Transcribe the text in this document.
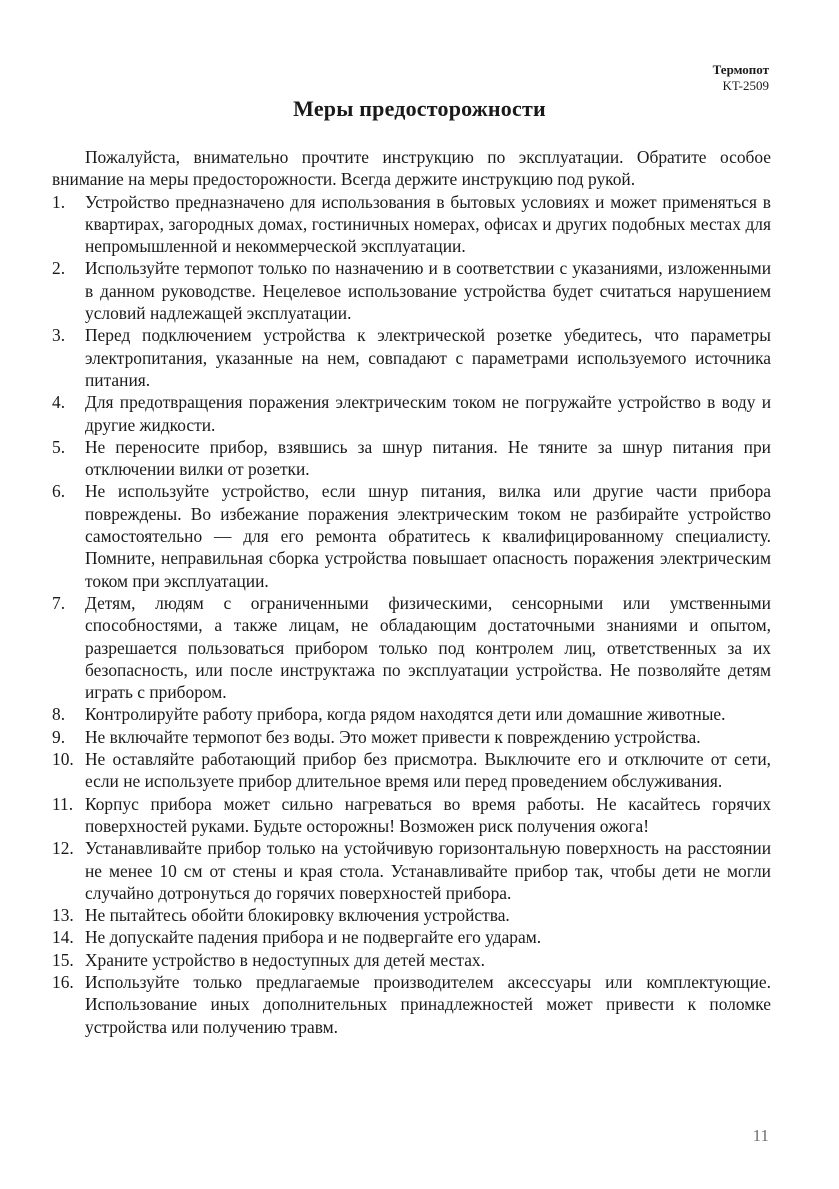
Термопот
KT-2509
Меры предосторожности

Пожалуйста, внимательно прочтите инструкцию по эксплуатации. Обратите особое внимание на меры предосторожности. Всегда держите инструкцию под рукой.

1. Устройство предназначено для использования в бытовых условиях и может применяться в квартирах, загородных домах, гостиничных номерах, офисах и других подобных местах для непромышленной и некоммерческой эксплуатации.
2. Используйте термопот только по назначению и в соответствии с указаниями, изложенными в данном руководстве. Нецелевое использование устройства будет считаться нарушением условий надлежащей эксплуатации.
3. Перед подключением устройства к электрической розетке убедитесь, что параметры электропитания, указанные на нем, совпадают с параметрами используемого источника питания.
4. Для предотвращения поражения электрическим током не погружайте устройство в воду и другие жидкости.
5. Не переносите прибор, взявшись за шнур питания. Не тяните за шнур питания при отключении вилки от розетки.
6. Не используйте устройство, если шнур питания, вилка или другие части прибора повреждены. Во избежание поражения электрическим током не разбирайте устройство самостоятельно — для его ремонта обратитесь к квалифицированному специалисту. Помните, неправильная сборка устройства повышает опасность поражения электрическим током при эксплуатации.
7. Детям, людям с ограниченными физическими, сенсорными или умственными способностями, а также лицам, не обладающим достаточными знаниями и опытом, разрешается пользоваться прибором только под контролем лиц, ответственных за их безопасность, или после инструктажа по эксплуатации устройства. Не позволяйте детям играть с прибором.
8. Контролируйте работу прибора, когда рядом находятся дети или домашние животные.
9. Не включайте термопот без воды. Это может привести к повреждению устройства.
10. Не оставляйте работающий прибор без присмотра. Выключите его и отключите от сети, если не используете прибор длительное время или перед проведением обслуживания.
11. Корпус прибора может сильно нагреваться во время работы. Не касайтесь горячих поверхностей руками. Будьте осторожны! Возможен риск получения ожога!
12. Устанавливайте прибор только на устойчивую горизонтальную поверхность на расстоянии не менее 10 см от стены и края стола. Устанавливайте прибор так, чтобы дети не могли случайно дотронуться до горячих поверхностей прибора.
13. Не пытайтесь обойти блокировку включения устройства.
14. Не допускайте падения прибора и не подвергайте его ударам.
15. Храните устройство в недоступных для детей местах.
16. Используйте только предлагаемые производителем аксессуары или комплектующие. Использование иных дополнительных принадлежностей может привести к поломке устройства или получению травм.
11
